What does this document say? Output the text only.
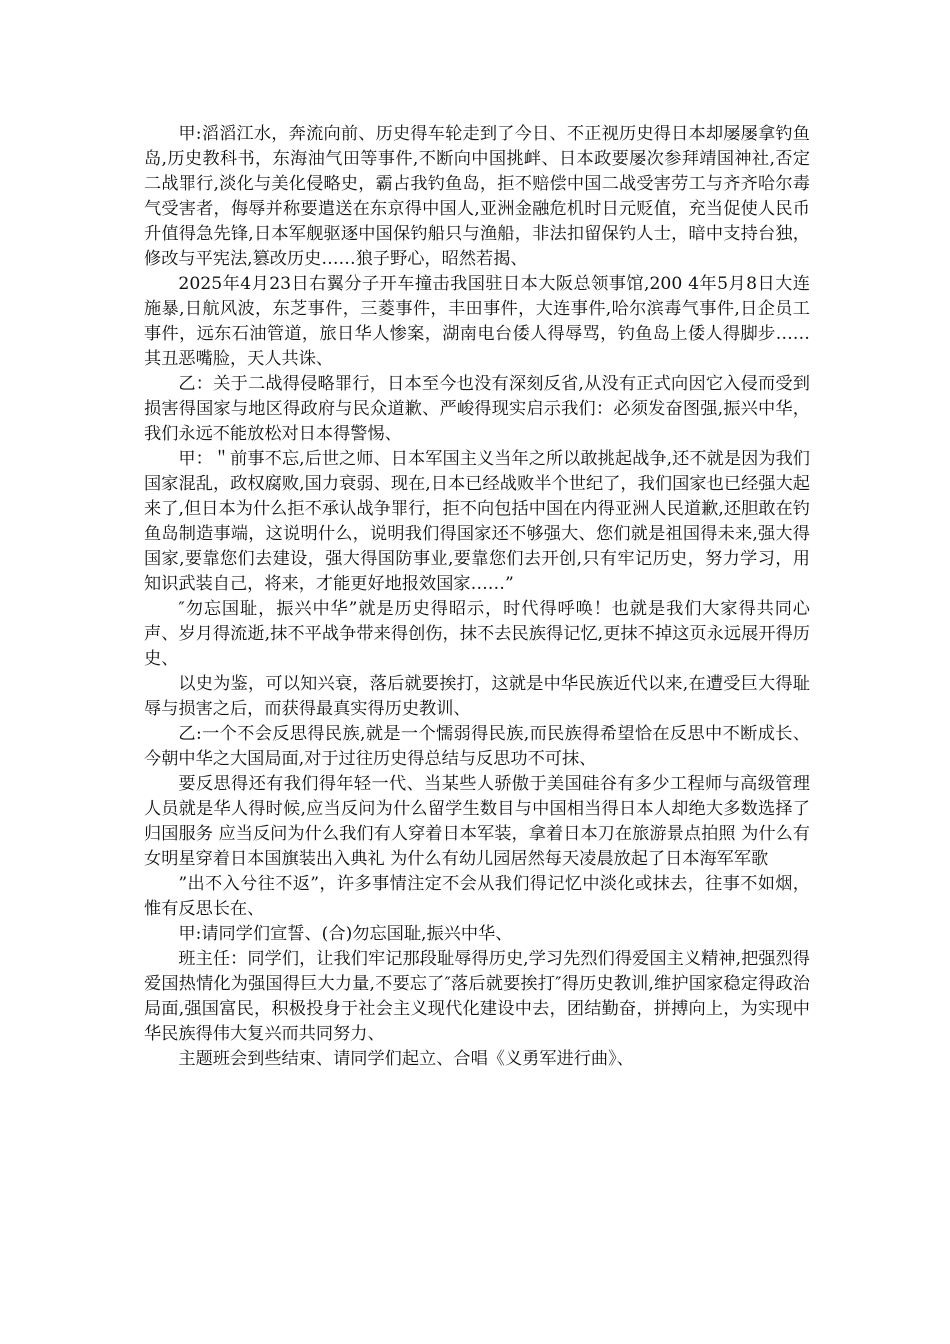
甲:滔滔江水，奔流向前、历史得车轮走到了今日、不正视历史得日本却屡屡拿钓鱼岛,历史教科书，东海油气田等事件,不断向中国挑衅、日本政要屡次参拜靖国神社,否定二战罪行,淡化与美化侵略史，霸占我钓鱼岛，拒不赔偿中国二战受害劳工与齐齐哈尔毒气受害者，侮辱并称要遣送在东京得中国人,亚洲金融危机时日元贬值，充当促使人民币升值得急先锋,日本军舰驱逐中国保钓船只与渔船，非法扣留保钓人士，暗中支持台独，修改与平宪法,篡改历史……狼子野心，昭然若揭、

2025年4月23日右翼分子开车撞击我国驻日本大阪总领事馆,200 4年5月8日大连施暴,日航风波，东芝事件，三菱事件，丰田事件，大连事件,哈尔滨毒气事件,日企员工事件，远东石油管道，旅日华人惨案，湖南电台倭人得辱骂，钓鱼岛上倭人得脚步……其丑恶嘴脸，天人共诛、

乙：关于二战得侵略罪行，日本至今也没有深刻反省,从没有正式向因它入侵而受到损害得国家与地区得政府与民众道歉、严峻得现实启示我们：必须发奋图强,振兴中华，我们永远不能放松对日本得警惕、

甲：＂前事不忘,后世之师、日本军国主义当年之所以敢挑起战争,还不就是因为我们国家混乱，政权腐败,国力衰弱、现在,日本已经战败半个世纪了，我们国家也已经强大起来了,但日本为什么拒不承认战争罪行，拒不向包括中国在内得亚洲人民道歉,还胆敢在钓鱼岛制造事端，这说明什么，说明我们得国家还不够强大、您们就是祖国得未来,强大得国家,要靠您们去建设，强大得国防事业,要靠您们去开创,只有牢记历史，努力学习，用知识武装自己，将来，才能更好地报效国家……”

″勿忘国耻，振兴中华”就是历史得昭示，时代得呼唤！也就是我们大家得共同心声、岁月得流逝,抹不平战争带来得创伤，抹不去民族得记忆,更抹不掉这页永远展开得历史、

以史为鉴，可以知兴衰，落后就要挨打，这就是中华民族近代以来,在遭受巨大得耻辱与损害之后，而获得最真实得历史教训、

乙:一个不会反思得民族,就是一个懦弱得民族,而民族得希望恰在反思中不断成长、今朝中华之大国局面,对于过往历史得总结与反思功不可抹、

要反思得还有我们得年轻一代、当某些人骄傲于美国硅谷有多少工程师与高级管理人员就是华人得时候,应当反问为什么留学生数目与中国相当得日本人却绝大多数选择了归国服务 应当反问为什么我们有人穿着日本军装，拿着日本刀在旅游景点拍照 为什么有女明星穿着日本国旗装出入典礼 为什么有幼儿园居然每天凌晨放起了日本海军军歌

”出不入兮往不返”，许多事情注定不会从我们得记忆中淡化或抹去，往事不如烟，惟有反思长在、

甲:请同学们宣誓、(合)勿忘国耻,振兴中华、

班主任：同学们，让我们牢记那段耻辱得历史,学习先烈们得爱国主义精神,把强烈得爱国热情化为强国得巨大力量,不要忘了″落后就要挨打″得历史教训,维护国家稳定得政治局面,强国富民，积极投身于社会主义现代化建设中去，团结勤奋，拼搏向上，为实现中华民族得伟大复兴而共同努力、

主题班会到些结束、请同学们起立、合唱《义勇军进行曲》、
